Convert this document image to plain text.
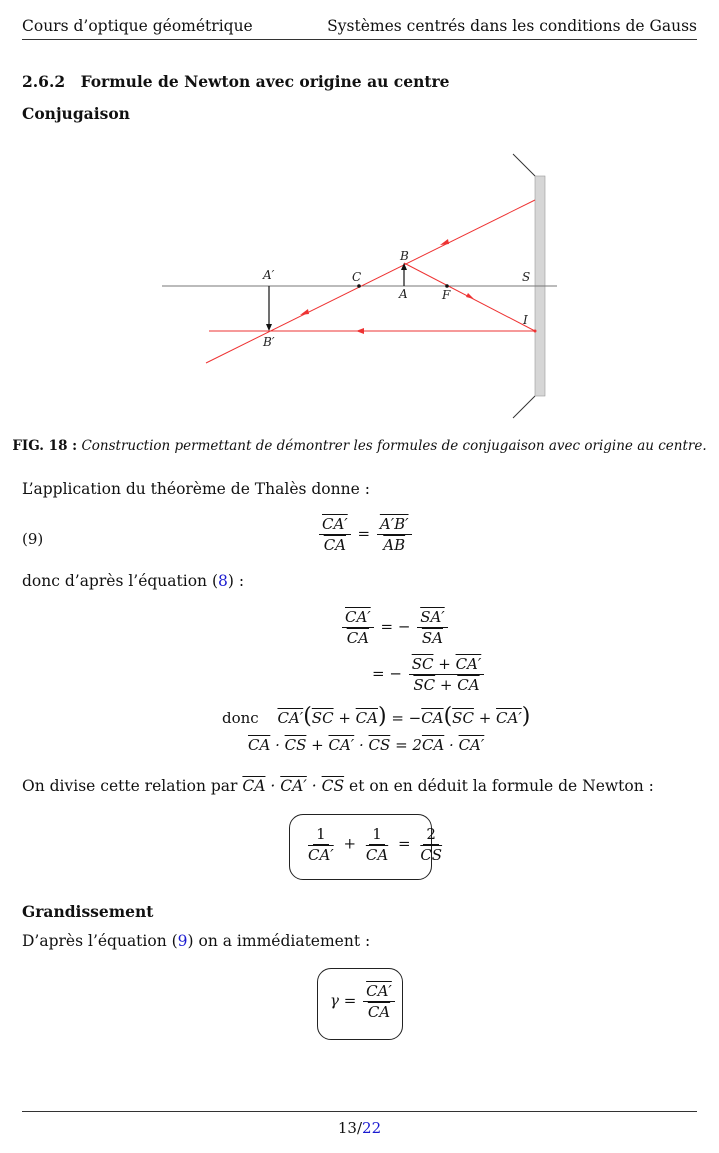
Cours d’optique géométrique	Systèmes centrés dans les conditions de Gauss
2.6.2 Formule de Newton avec origine au centre
Conjugaison
A′
B′
C
B
A	F
S
I
FIG. 18 : Construction permettant de démontrer les formules de conjugaison avec origine au centre.
L’application du théorème de Thalès donne :
(9)	$\frac{CA'}{CA} = \frac{A'B'}{AB}$
donc d’après l’équation (8) :
$\frac{CA'}{CA}$ = − $\frac{SA'}{SA}$
= − $\frac{\overline{SC} + CA'}{\overline{SC} + \overline{CA}}$
donc $CA'(\overline{SC} + \overline{CA}) = -\overline{CA}(\overline{SC} + CA')$
$\overline{CA} \cdot \overline{CS} + CA' \cdot \overline{CS} = 2\overline{CA} \cdot CA'$
On divise cette relation par $\overline{CA} \cdot CA' \cdot \overline{CS}$ et on en déduit la formule de Newton :
$\frac{1}{CA'} + \frac{1}{CA} = \frac{2}{CS}$
Grandissement
D’après l’équation (9) on a immédiatement :
$\gamma = \frac{CA'}{CA}$
13/22
